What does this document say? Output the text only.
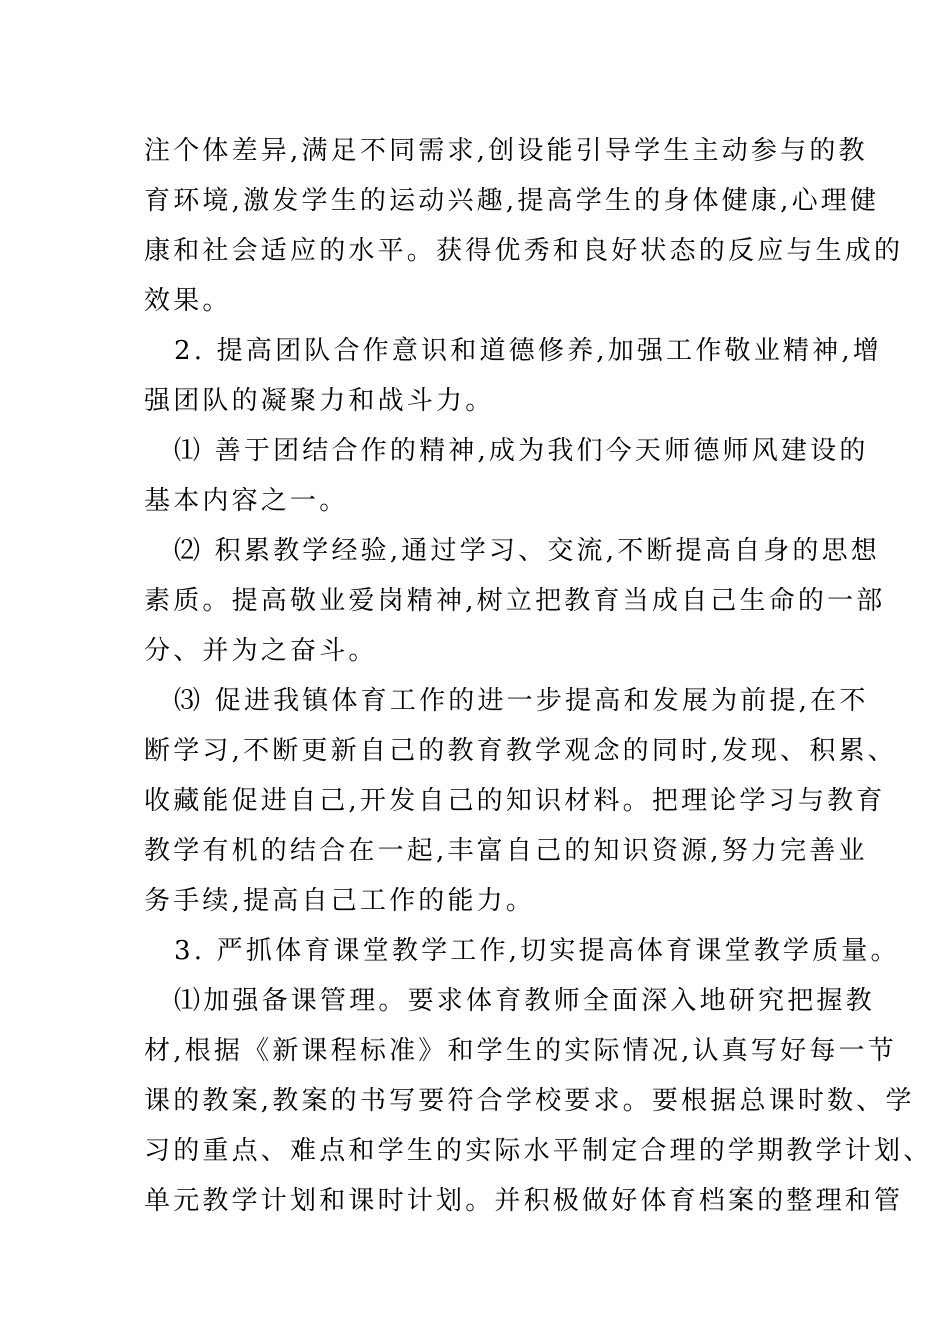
注个体差异,满足不同需求,创设能引导学生主动参与的教
育环境,激发学生的运动兴趣,提高学生的身体健康,心理健
康和社会适应的水平。获得优秀和良好状态的反应与生成的
效果。
2. 提高团队合作意识和道德修养,加强工作敬业精神,增
强团队的凝聚力和战斗力。
⑴ 善于团结合作的精神,成为我们今天师德师风建设的
基本内容之一。
⑵ 积累教学经验,通过学习、交流,不断提高自身的思想
素质。提高敬业爱岗精神,树立把教育当成自己生命的一部
分、并为之奋斗。
⑶ 促进我镇体育工作的进一步提高和发展为前提,在不
断学习,不断更新自己的教育教学观念的同时,发现、积累、
收藏能促进自己,开发自己的知识材料。把理论学习与教育
教学有机的结合在一起,丰富自己的知识资源,努力完善业
务手续,提高自己工作的能力。
3. 严抓体育课堂教学工作,切实提高体育课堂教学质量。
⑴加强备课管理。要求体育教师全面深入地研究把握教
材,根据《新课程标准》和学生的实际情况,认真写好每一节
课的教案,教案的书写要符合学校要求。要根据总课时数、学
习的重点、难点和学生的实际水平制定合理的学期教学计划、
单元教学计划和课时计划。并积极做好体育档案的整理和管
